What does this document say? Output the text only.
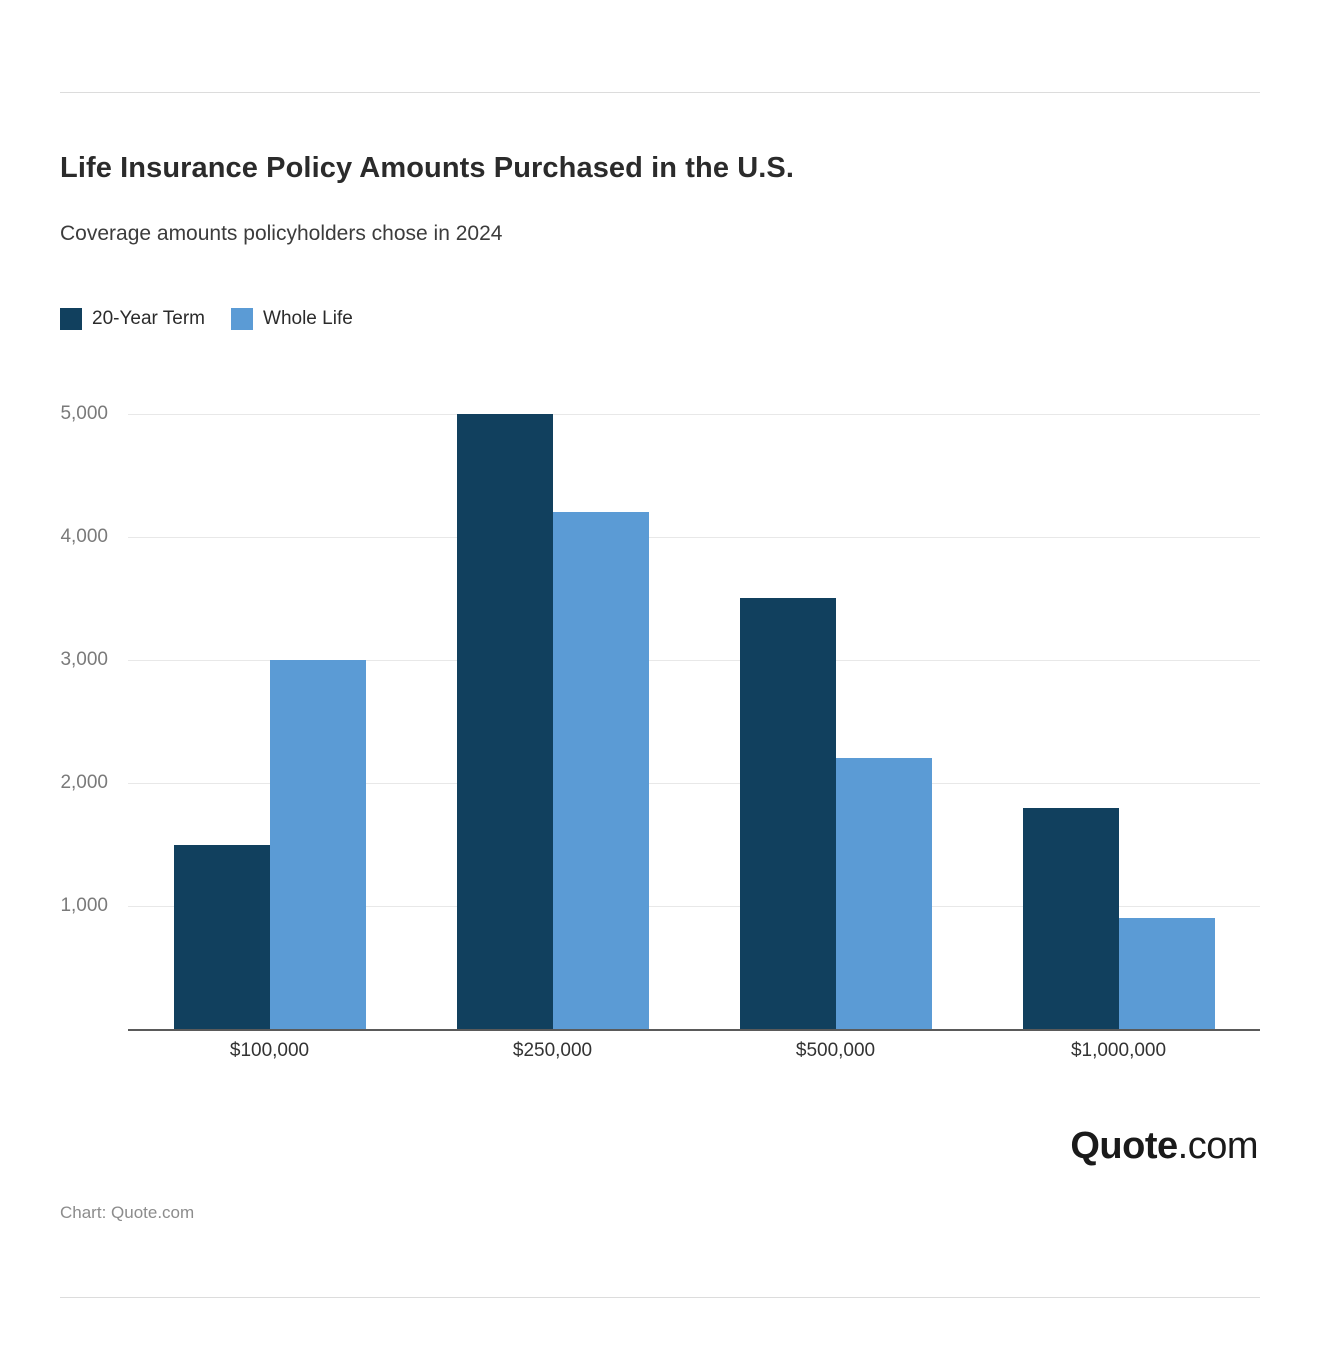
Life Insurance Policy Amounts Purchased in the U.S.
Coverage amounts policyholders chose in 2024
20-Year Term	Whole Life
5,000
4,000
3,000
2,000
1,000
$100,000	$250,000	$500,000	$1,000,000
Quote.com
Chart: Quote.com
